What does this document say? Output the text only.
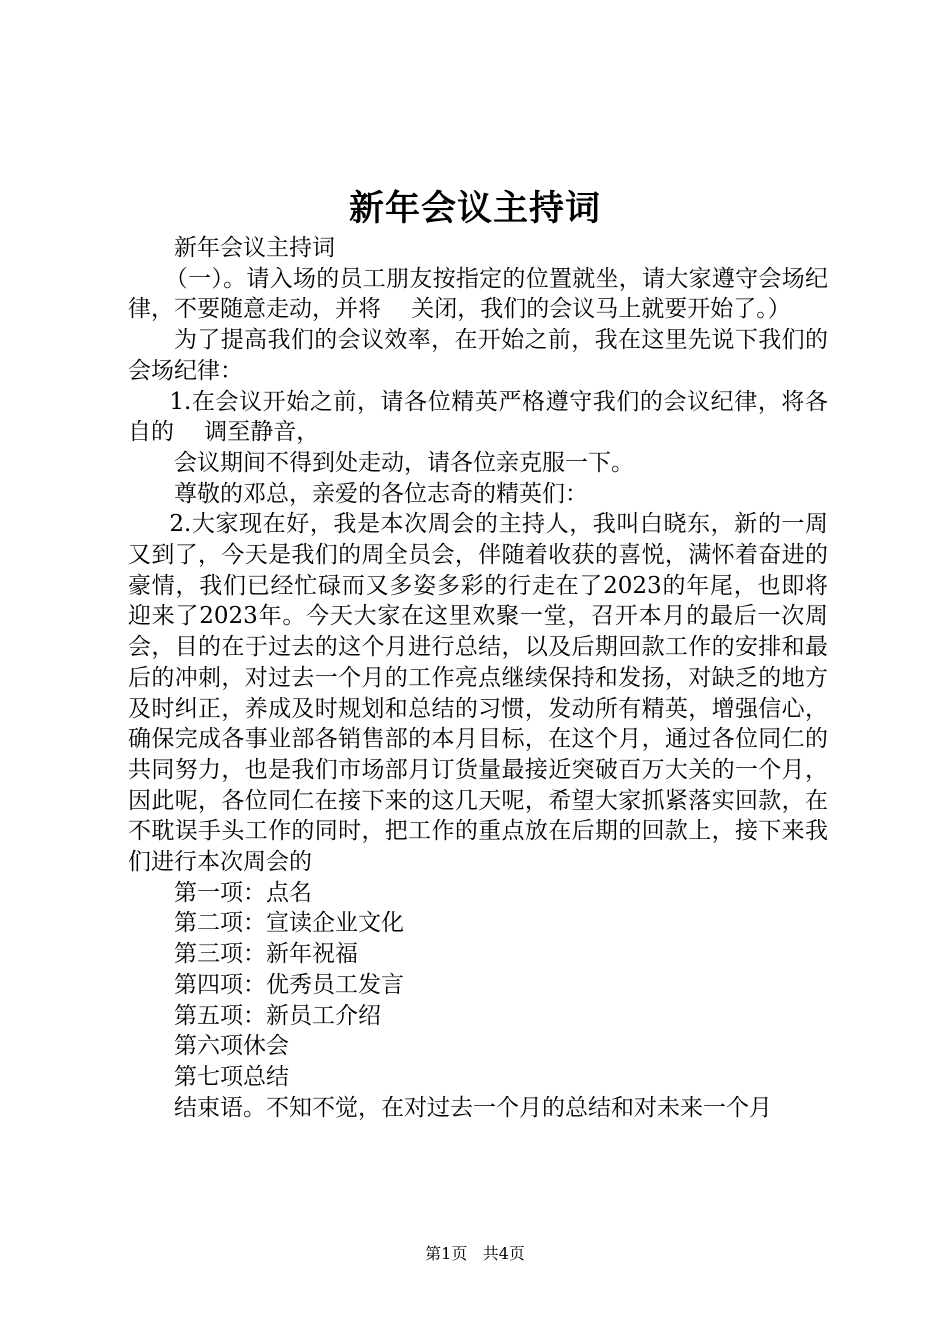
新年会议主持词

新年会议主持词

（一）。请入场的员工朋友按指定的位置就坐，请大家遵守会场纪律，不要随意走动，并将　 关闭，我们的会议马上就要开始了。）

为了提高我们的会议效率，在开始之前，我在这里先说下我们的会场纪律：

1.在会议开始之前，请各位精英严格遵守我们的会议纪律，将各自的　 调至静音，

会议期间不得到处走动，请各位亲克服一下。

尊敬的邓总，亲爱的各位志奇的精英们：

2.大家现在好，我是本次周会的主持人，我叫白晓东，新的一周又到了，今天是我们的周全员会，伴随着收获的喜悦，满怀着奋进的豪情，我们已经忙碌而又多姿多彩的行走在了2023的年尾，也即将迎来了2023年。今天大家在这里欢聚一堂，召开本月的最后一次周会，目的在于过去的这个月进行总结，以及后期回款工作的安排和最后的冲刺，对过去一个月的工作亮点继续保持和发扬，对缺乏的地方及时纠正，养成及时规划和总结的习惯，发动所有精英，增强信心，确保完成各事业部各销售部的本月目标，在这个月，通过各位同仁的共同努力，也是我们市场部月订货量最接近突破百万大关的一个月，因此呢，各位同仁在接下来的这几天呢，希望大家抓紧落实回款，在不耽误手头工作的同时，把工作的重点放在后期的回款上，接下来我们进行本次周会的

第一项：点名

第二项：宣读企业文化

第三项：新年祝福

第四项：优秀员工发言

第五项：新员工介绍

第六项休会

第七项总结

结束语。不知不觉，在对过去一个月的总结和对未来一个月

第1页 共4页
